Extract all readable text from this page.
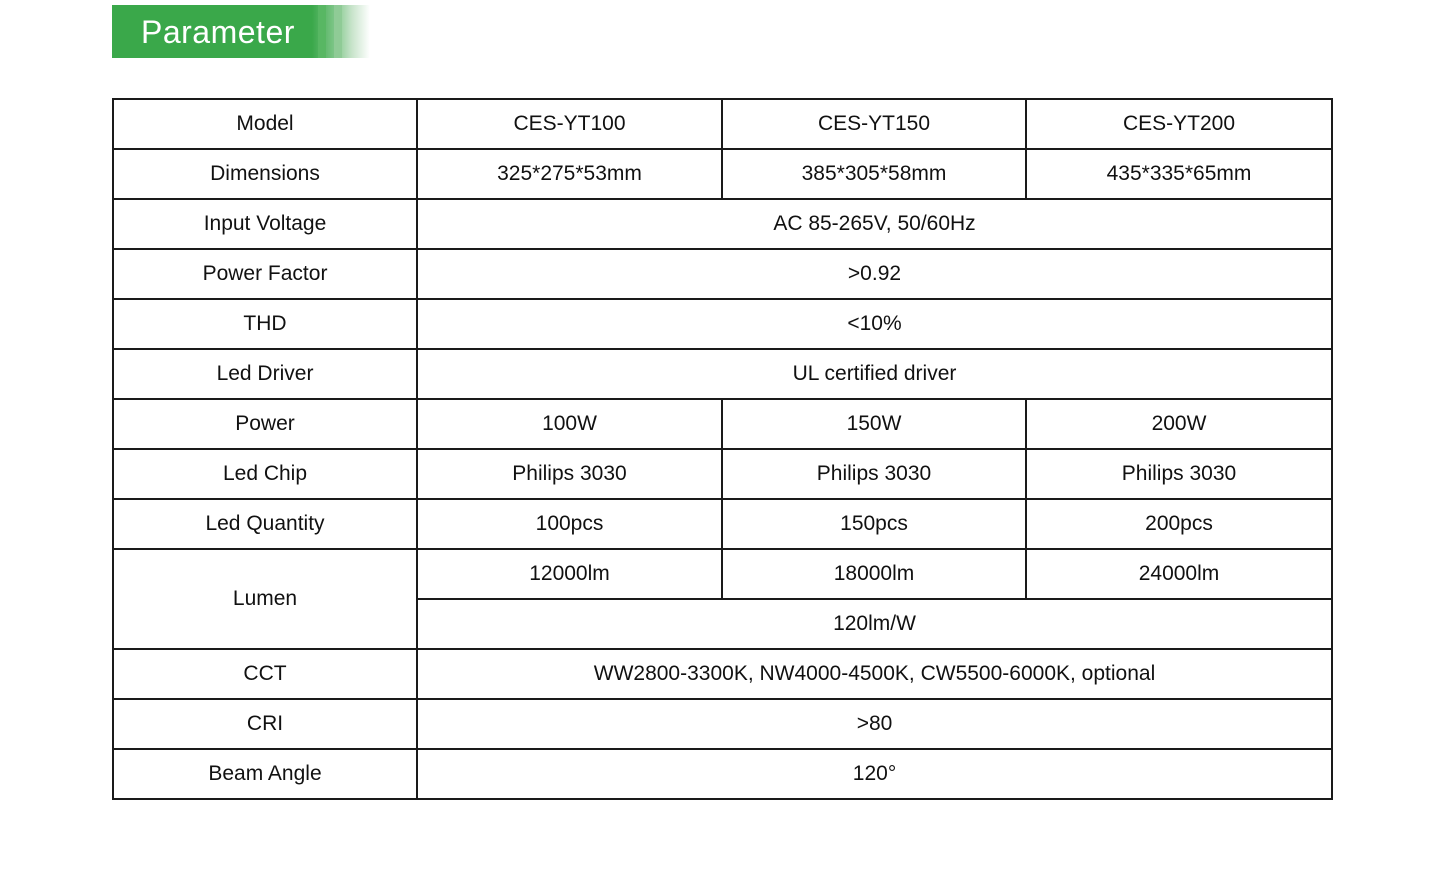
Parameter
Model	CES-YT100	CES-YT150	CES-YT200
Dimensions	325*275*53mm	385*305*58mm	435*335*65mm
Input Voltage	AC 85-265V, 50/60Hz		
Power Factor	>0.92		
THD	<10%		
Led Driver	UL certified driver		
Power	100W	150W	200W
Led Chip	Philips 3030	Philips 3030	Philips 3030
Led Quantity	100pcs	150pcs	200pcs
Lumen	12000lm	18000lm	24000lm
	120lm/W		
CCT	WW2800-3300K, NW4000-4500K, CW5500-6000K, optional		
CRI	>80		
Beam Angle	120°		
